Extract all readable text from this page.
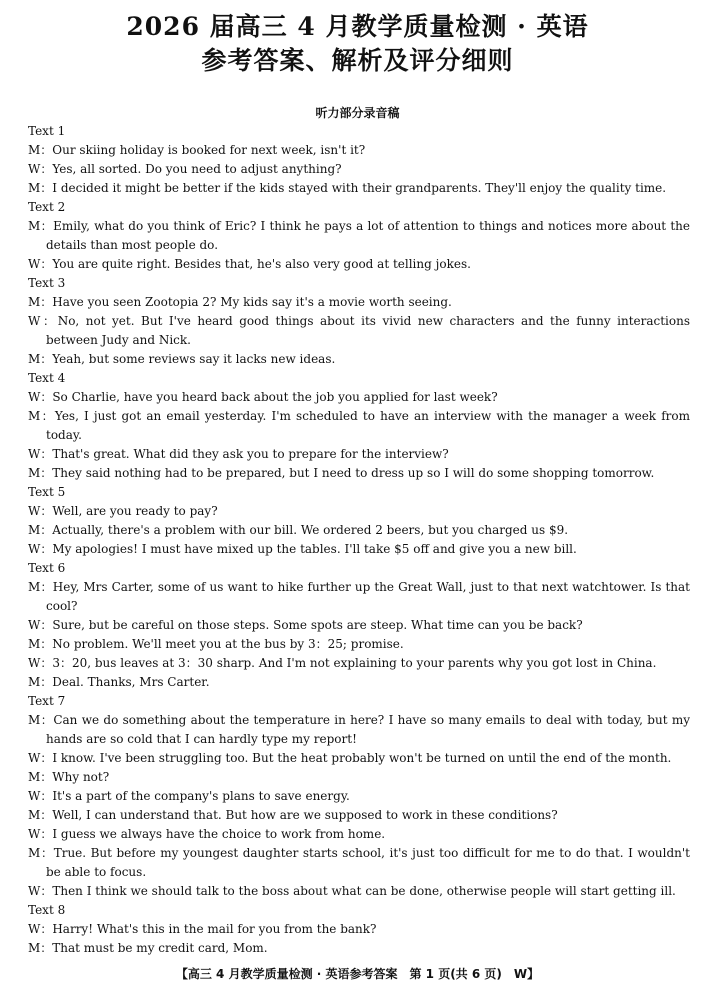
2026 届高三 4 月教学质量检测 · 英语
参考答案、解析及评分细则
听力部分录音稿

Text 1

M：Our skiing holiday is booked for next week, isn't it?

W：Yes, all sorted. Do you need to adjust anything?

M：I decided it might be better if the kids stayed with their grandparents. They'll enjoy the quality time.

Text 2

M：Emily, what do you think of Eric? I think he pays a lot of attention to things and notices more about the details than most people do.

W：You are quite right. Besides that, he's also very good at telling jokes.

Text 3

M：Have you seen Zootopia 2? My kids say it's a movie worth seeing.

W：No, not yet. But I've heard good things about its vivid new characters and the funny interactions between Judy and Nick.

M：Yeah, but some reviews say it lacks new ideas.

Text 4

W：So Charlie, have you heard back about the job you applied for last week?

M：Yes, I just got an email yesterday. I'm scheduled to have an interview with the manager a week from today.

W：That's great. What did they ask you to prepare for the interview?

M：They said nothing had to be prepared, but I need to dress up so I will do some shopping tomorrow.

Text 5

W：Well, are you ready to pay?

M：Actually, there's a problem with our bill. We ordered 2 beers, but you charged us $9.

W：My apologies! I must have mixed up the tables. I'll take $5 off and give you a new bill.

Text 6

M：Hey, Mrs Carter, some of us want to hike further up the Great Wall, just to that next watchtower. Is that cool?

W：Sure, but be careful on those steps. Some spots are steep. What time can you be back?

M：No problem. We'll meet you at the bus by 3：25; promise.

W：3：20, bus leaves at 3：30 sharp. And I'm not explaining to your parents why you got lost in China.

M：Deal. Thanks, Mrs Carter.

Text 7

M：Can we do something about the temperature in here? I have so many emails to deal with today, but my hands are so cold that I can hardly type my report!

W：I know. I've been struggling too. But the heat probably won't be turned on until the end of the month.

M：Why not?

W：It's a part of the company's plans to save energy.

M：Well, I can understand that. But how are we supposed to work in these conditions?

W：I guess we always have the choice to work from home.

M：True. But before my youngest daughter starts school, it's just too difficult for me to do that. I wouldn't be able to focus.

W：Then I think we should talk to the boss about what can be done, otherwise people will start getting ill.

Text 8

W：Harry! What's this in the mail for you from the bank?

M：That must be my credit card, Mom.

【高三 4 月教学质量检测 · 英语参考答案　第 1 页(共 6 页)　W】
